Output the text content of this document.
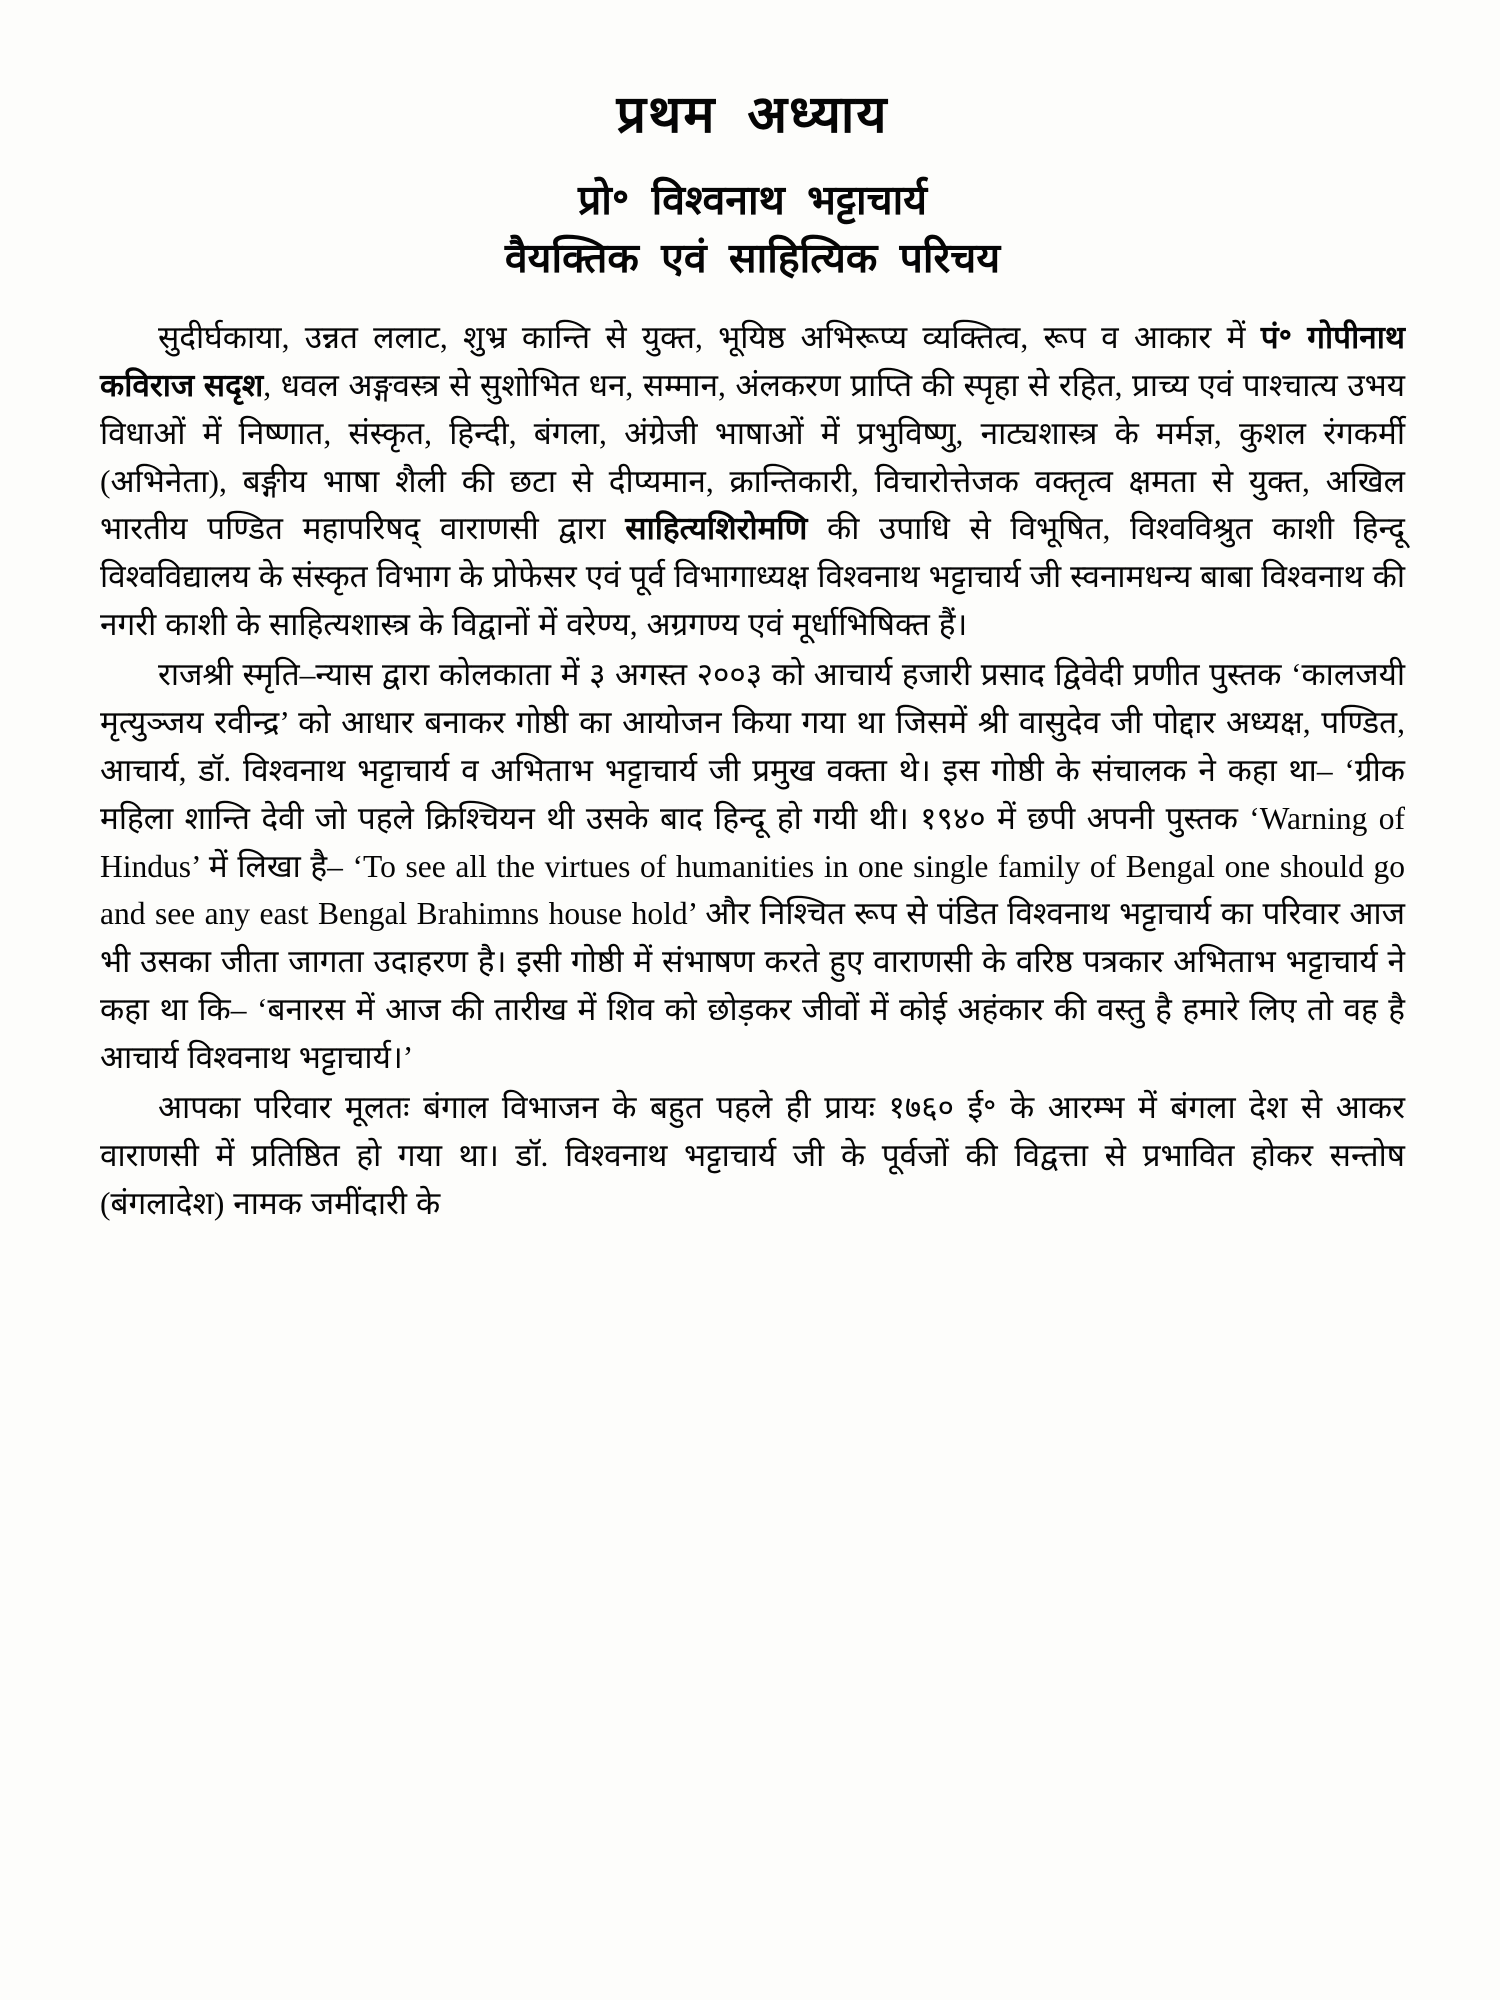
प्रथम अध्याय
प्रो॰ विश्वनाथ भट्टाचार्य
वैयक्तिक एवं साहित्यिक परिचय

सुदीर्घकाया, उन्नत ललाट, शुभ्र कान्ति से युक्त, भूयिष्ठ अभिरूप्य व्यक्तित्व, रूप व आकार में पं॰ गोपीनाथ कविराज सदृश, धवल अङ्गवस्त्र से सुशोभित धन, सम्मान, अंलकरण प्राप्ति की स्पृहा से रहित, प्राच्य एवं पाश्चात्य उभय विधाओं में निष्णात, संस्कृत, हिन्दी, बंगला, अंग्रेजी भाषाओं में प्रभुविष्णु, नाट्यशास्त्र के मर्मज्ञ, कुशल रंगकर्मी (अभिनेता), बङ्गीय भाषा शैली की छटा से दीप्यमान, क्रान्तिकारी, विचारोत्तेजक वक्तृत्व क्षमता से युक्त, अखिल भारतीय पण्डित महापरिषद् वाराणसी द्वारा साहित्यशिरोमणि की उपाधि से विभूषित, विश्वविश्रुत काशी हिन्दू विश्वविद्यालय के संस्कृत विभाग के प्रोफेसर एवं पूर्व विभागाध्यक्ष विश्वनाथ भट्टाचार्य जी स्वनामधन्य बाबा विश्वनाथ की नगरी काशी के साहित्यशास्त्र के विद्वानों में वरेण्य, अग्रगण्य एवं मूर्धाभिषिक्त हैं।

राजश्री स्मृति–न्यास द्वारा कोलकाता में ३ अगस्त २००३ को आचार्य हजारी प्रसाद द्विवेदी प्रणीत पुस्तक ‘कालजयी मृत्युञ्जय रवीन्द्र’ को आधार बनाकर गोष्ठी का आयोजन किया गया था जिसमें श्री वासुदेव जी पोद्दार अध्यक्ष, पण्डित, आचार्य, डॉ. विश्वनाथ भट्टाचार्य व अभिताभ भट्टाचार्य जी प्रमुख वक्ता थे। इस गोष्ठी के संचालक ने कहा था– ‘ग्रीक महिला शान्ति देवी जो पहले क्रिश्चियन थी उसके बाद हिन्दू हो गयी थी। १९४० में छपी अपनी पुस्तक ‘Warning of Hindus’ में लिखा है– ‘To see all the virtues of humanities in one single family of Bengal one should go and see any east Bengal Brahimns house hold’ और निश्चित रूप से पंडित विश्वनाथ भट्टाचार्य का परिवार आज भी उसका जीता जागता उदाहरण है। इसी गोष्ठी में संभाषण करते हुए वाराणसी के वरिष्ठ पत्रकार अभिताभ भट्टाचार्य ने कहा था कि– ‘बनारस में आज की तारीख में शिव को छोड़कर जीवों में कोई अहंकार की वस्तु है हमारे लिए तो वह है आचार्य विश्वनाथ भट्टाचार्य।’

आपका परिवार मूलतः बंगाल विभाजन के बहुत पहले ही प्रायः १७६० ई॰ के आरम्भ में बंगला देश से आकर वाराणसी में प्रतिष्ठित हो गया था। डॉ. विश्वनाथ भट्टाचार्य जी के पूर्वजों की विद्वत्ता से प्रभावित होकर सन्तोष (बंगलादेश) नामक जमींदारी के
